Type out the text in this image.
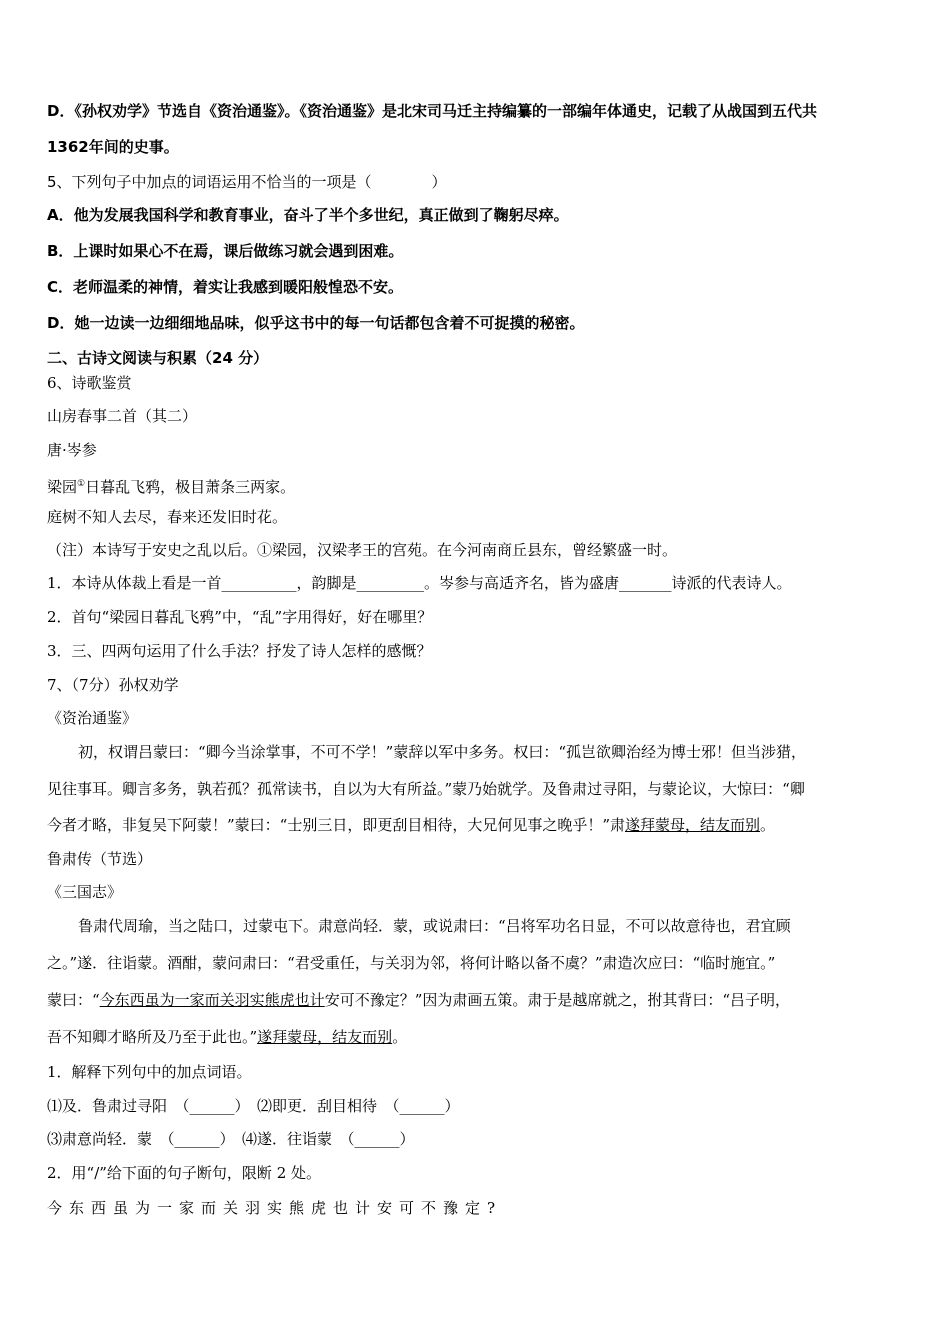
D．《孙权劝学》节选自《资治通鉴》。《资治通鉴》是北宋司马迁主持编纂的一部编年体通史，记载了从战国到五代共
1362年间的史事。
5、下列句子中加点的词语运用不恰当的一项是（　　　　）
A．他为发展我国科学和教育事业，奋斗了半个多世纪，真正做到了鞠躬尽瘁。
B．上课时如果心不在焉，课后做练习就会遇到困难。
C．老师温柔的神情，着实让我感到暖阳般惶恐不安。
D．她一边读一边细细地品味，似乎这书中的每一句话都包含着不可捉摸的秘密。
二、古诗文阅读与积累（24 分）
6、诗歌鉴赏
山房春事二首（其二）
唐·岑参
梁园①日暮乱飞鸦，极目萧条三两家。
庭树不知人去尽，春来还发旧时花。
（注）本诗写于安史之乱以后。①梁园，汉梁孝王的宫苑。在今河南商丘县东，曾经繁盛一时。
1．本诗从体裁上看是一首__________，韵脚是_________。岑参与高适齐名，皆为盛唐_______诗派的代表诗人。
2．首句“梁园日暮乱飞鸦”中，“乱”字用得好，好在哪里？
3．三、四两句运用了什么手法？抒发了诗人怎样的感慨？
7、（7分）孙权劝学
《资治通鉴》
初，权谓吕蒙曰：“卿今当涂掌事，不可不学！”蒙辞以军中多务。权曰：“孤岂欲卿治经为博士邪！但当涉猎，
见往事耳。卿言多务，孰若孤？孤常读书，自以为大有所益。”蒙乃始就学。及鲁肃过寻阳，与蒙论议，大惊曰：“卿
今者才略，非复吴下阿蒙！”蒙曰：“士别三日，即更刮目相待，大兄何见事之晚乎！”肃遂拜蒙母，结友而别。
鲁肃传（节选）
《三国志》
鲁肃代周瑜，当之陆口，过蒙屯下。肃意尚轻．蒙，或说肃曰：“吕将军功名日显，不可以故意待也，君宜顾
之。”遂．往诣蒙。酒酣，蒙问肃曰：“君受重任，与关羽为邻，将何计略以备不虞？”肃造次应曰：“临时施宜。”
蒙曰：“今东西虽为一家而关羽实熊虎也计安可不豫定？”因为肃画五策。肃于是越席就之，拊其背曰：“吕子明，
吾不知卿才略所及乃至于此也。”遂拜蒙母，结友而别。
1．解释下列句中的加点词语。
⑴及．鲁肃过寻阳　（______）　⑵即更．刮目相待　（______）
⑶肃意尚轻．蒙　（______）　⑷遂．往诣蒙　（______）
2．用“/”给下面的句子断句，限断 2 处。
今东西虽为一家而关羽实熊虎也计安可不豫定?
